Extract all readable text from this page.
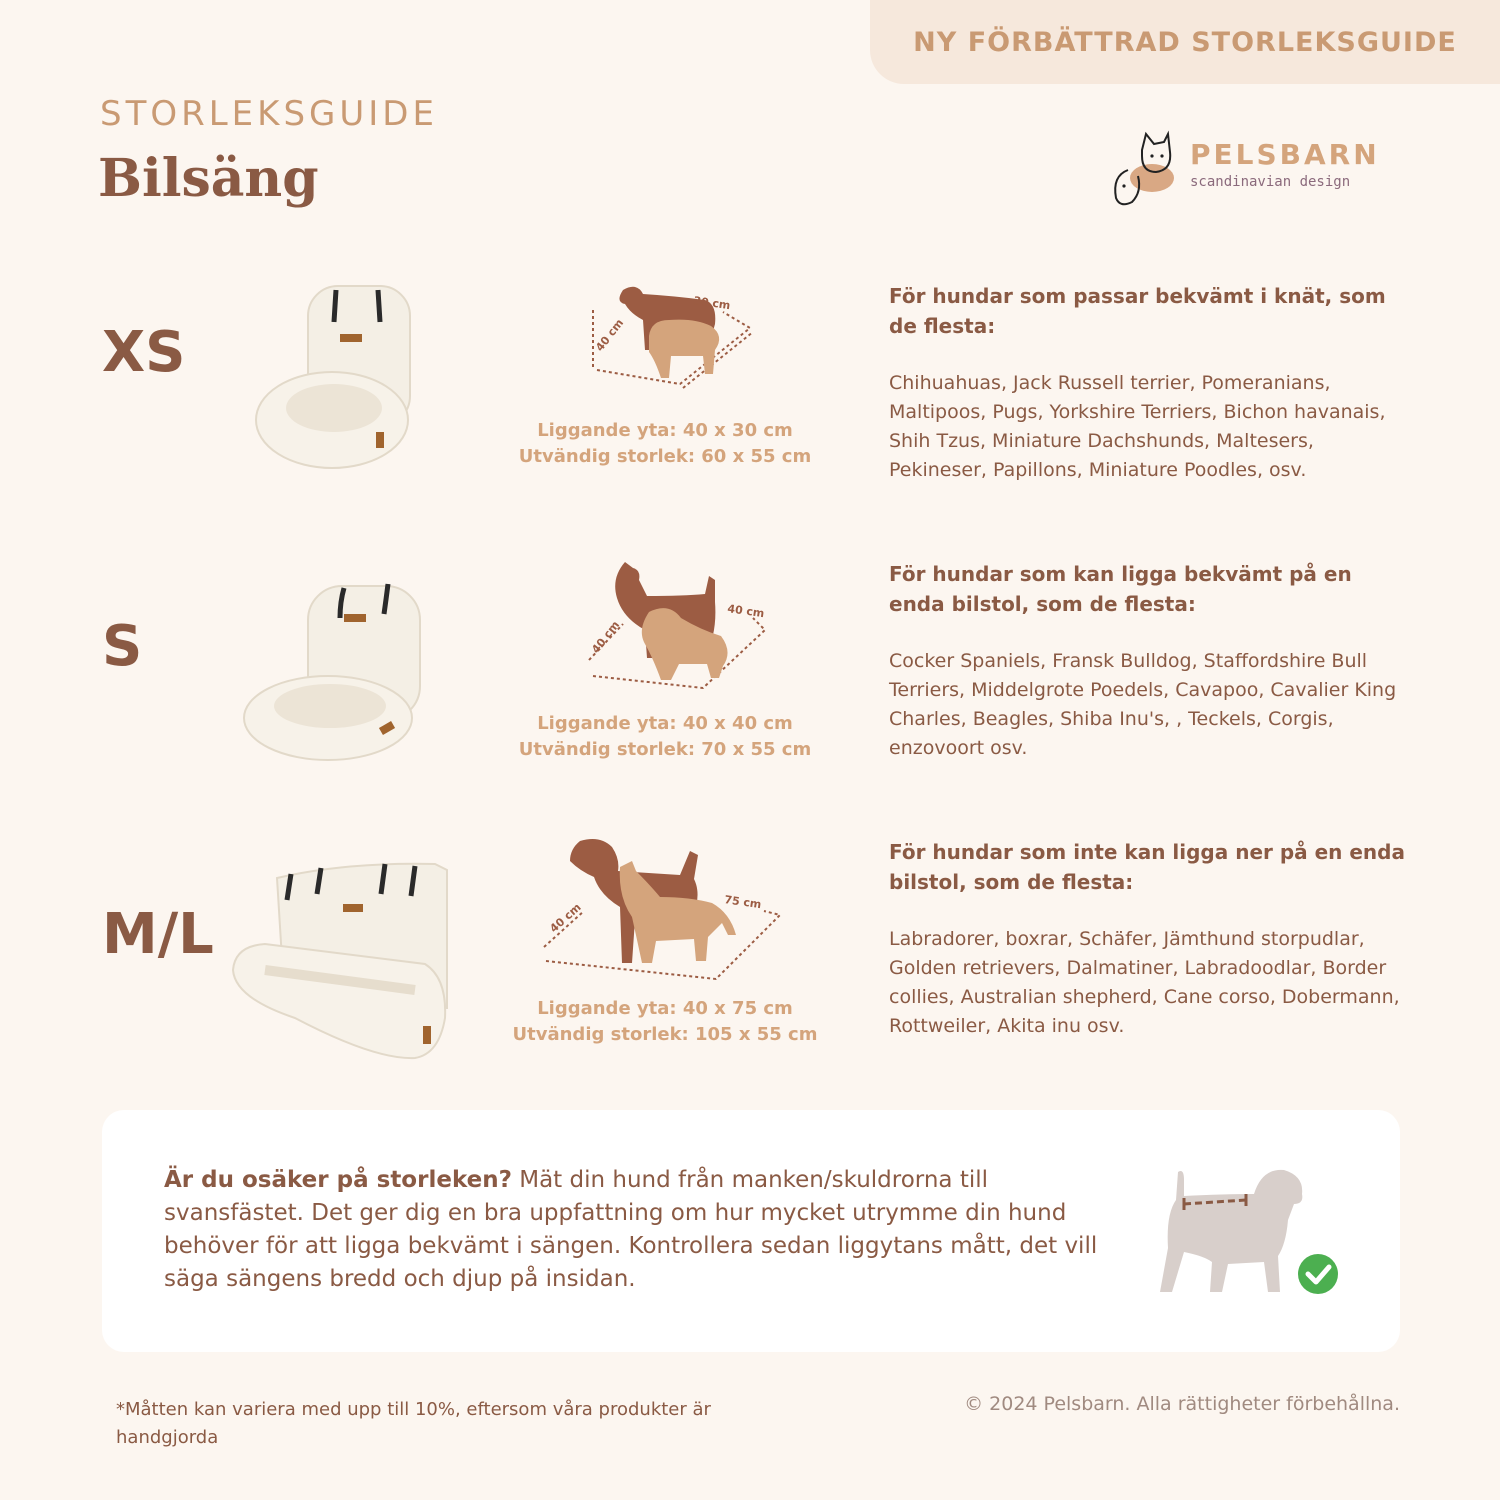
NY FÖRBÄTTRAD STORLEKSGUIDE
STORLEKSGUIDE
Bilsäng	PELSBARN
scandinavian design
XS
30 cm
40 cm
Liggande yta: 40 x 30 cm
Utvändig storlek: 60 x 55 cm

För hundar som passar bekvämt i knät, som de flesta:

Chihuahuas, Jack Russell terrier, Pomeranians, Maltipoos, Pugs, Yorkshire Terriers, Bichon havanais, Shih Tzus, Miniature Dachshunds, Maltesers, Pekineser, Papillons, Miniature Poodles, osv.

S
40 cm
40 cm
Liggande yta: 40 x 40 cm
Utvändig storlek: 70 x 55 cm

För hundar som kan ligga bekvämt på en enda bilstol, som de flesta:

Cocker Spaniels, Fransk Bulldog, Staffordshire Bull Terriers, Middelgrote Poedels, Cavapoo, Cavalier King Charles, Beagles, Shiba Inu's, , Teckels, Corgis, enzovoort osv.

M/L	75 cm
40 cm
Liggande yta: 40 x 75 cm
Utvändig storlek: 105 x 55 cm

För hundar som inte kan ligga ner på en enda bilstol, som de flesta:

Labradorer, boxrar, Schäfer, Jämthund storpudlar, Golden retrievers, Dalmatiner, Labradoodlar, Border collies, Australian shepherd, Cane corso, Dobermann, Rottweiler, Akita inu osv.

Är du osäker på storleken? Mät din hund från manken/skuldrorna till svansfästet. Det ger dig en bra uppfattning om hur mycket utrymme din hund behöver för att ligga bekvämt i sängen. Kontrollera sedan liggytans mått, det vill säga sängens bredd och djup på insidan.
*Måtten kan variera med upp till 10%, eftersom våra produkter är handgjorda
© 2024 Pelsbarn. Alla rättigheter förbehållna.
